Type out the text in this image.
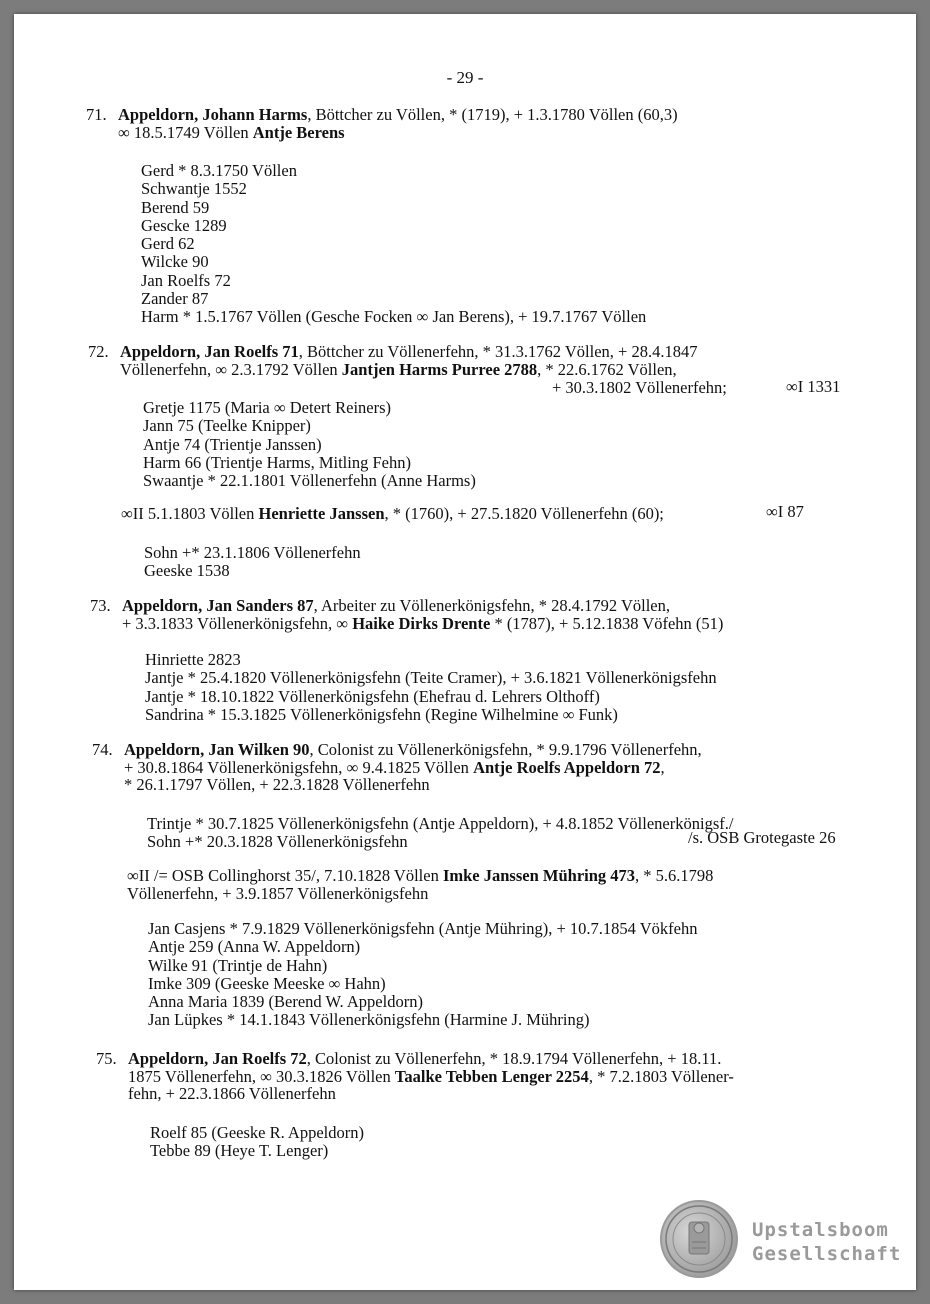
- 29 -
71. Appeldorn, Johann Harms, Böttcher zu Völlen, * (1719), + 1.3.1780 Völlen (60,3)
∞ 18.5.1749 Völlen Antje Berens
Gerd * 8.3.1750 Völlen
Schwantje 1552
Berend 59
Gescke 1289
Gerd 62
Wilcke 90
Jan Roelfs 72
Zander 87
Harm * 1.5.1767 Völlen (Gesche Focken ∞ Jan Berens), + 19.7.1767 Völlen
72. Appeldorn, Jan Roelfs 71, Böttcher zu Völlenerfehn, * 31.3.1762 Völlen, + 28.4.1847
Völlenerfehn, ∞ 2.3.1792 Völlen Jantjen Harms Purree 2788, * 22.6.1762 Völlen,
+ 30.3.1802 Völlenerfehn;	∞I 1331
Gretje 1175 (Maria ∞ Detert Reiners)
Jann 75 (Teelke Knipper)
Antje 74 (Trientje Janssen)
Harm 66 (Trientje Harms, Mitling Fehn)
Swaantje * 22.1.1801 Völlenerfehn (Anne Harms)
∞II 5.1.1803 Völlen Henriette Janssen, * (1760), + 27.5.1820 Völlenerfehn (60);	∞I 87
Sohn +* 23.1.1806 Völlenerfehn
Geeske 1538
73. Appeldorn, Jan Sanders 87, Arbeiter zu Völlenerkönigsfehn, * 28.4.1792 Völlen,
+ 3.3.1833 Völlenerkönigsfehn, ∞ Haike Dirks Drente * (1787), + 5.12.1838 Vöfehn (51)
Hinriette 2823
Jantje * 25.4.1820 Völlenerkönigsfehn (Teite Cramer), + 3.6.1821 Völlenerkönigsfehn
Jantje * 18.10.1822 Völlenerkönigsfehn (Ehefrau d. Lehrers Olthoff)
Sandrina * 15.3.1825 Völlenerkönigsfehn (Regine Wilhelmine ∞ Funk)
74. Appeldorn, Jan Wilken 90, Colonist zu Völlenerkönigsfehn, * 9.9.1796 Völlenerfehn,
+ 30.8.1864 Völlenerkönigsfehn, ∞ 9.4.1825 Völlen Antje Roelfs Appeldorn 72,
* 26.1.1797 Völlen, + 22.3.1828 Völlenerfehn
Trintje * 30.7.1825 Völlenerkönigsfehn (Antje Appeldorn), + 4.8.1852 Völlenerkönigsf./
Sohn +* 20.3.1828 Völlenerkönigsfehn	/s. OSB Grotegaste 26
∞II /= OSB Collinghorst 35/, 7.10.1828 Völlen Imke Janssen Mühring 473, * 5.6.1798
Völlenerfehn, + 3.9.1857 Völlenerkönigsfehn
Jan Casjens * 7.9.1829 Völlenerkönigsfehn (Antje Mühring), + 10.7.1854 Vökfehn
Antje 259 (Anna W. Appeldorn)
Wilke 91 (Trintje de Hahn)
Imke 309 (Geeske Meeske ∞ Hahn)
Anna Maria 1839 (Berend W. Appeldorn)
Jan Lüpkes * 14.1.1843 Völlenerkönigsfehn (Harmine J. Mühring)
75. Appeldorn, Jan Roelfs 72, Colonist zu Völlenerfehn, * 18.9.1794 Völlenerfehn, + 18.11.
1875 Völlenerfehn, ∞ 30.3.1826 Völlen Taalke Tebben Lenger 2254, * 7.2.1803 Völlener-
fehn, + 22.3.1866 Völlenerfehn
Roelf 85 (Geeske R. Appeldorn)
Tebbe 89 (Heye T. Lenger)
Upstalsboom
Gesellschaft
